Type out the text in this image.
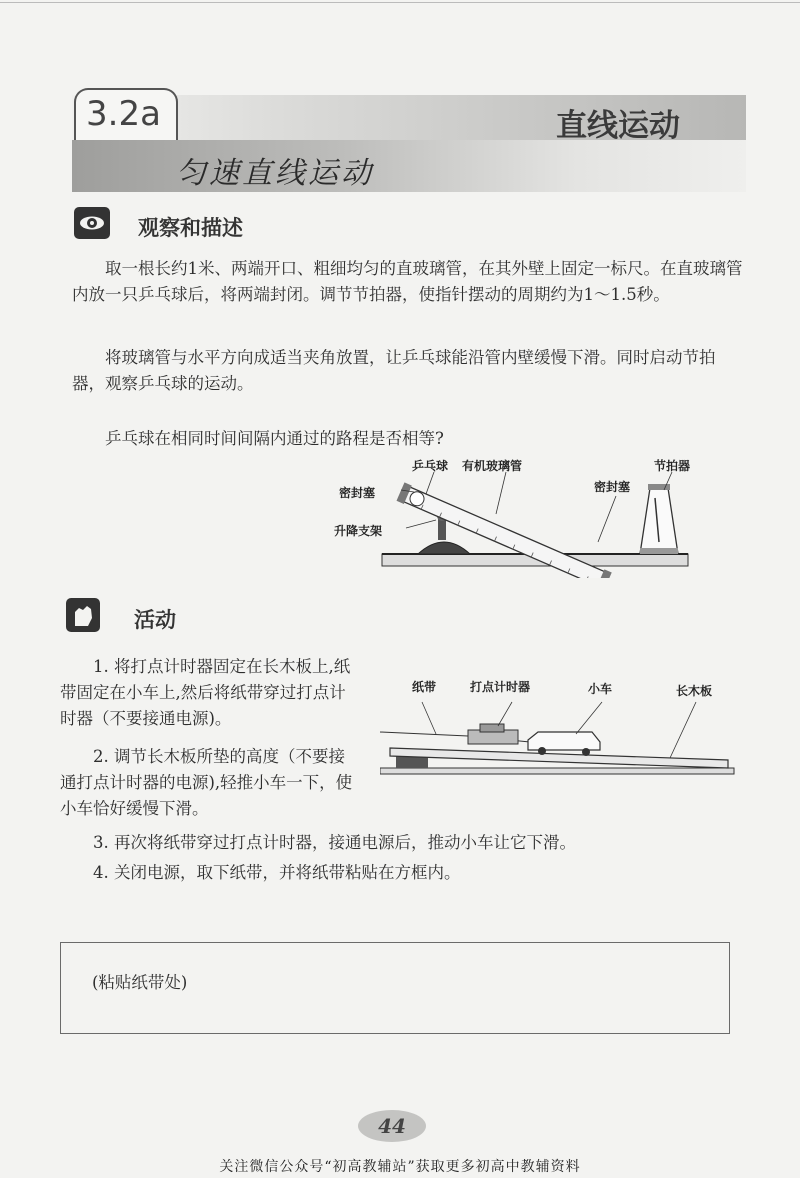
3.2a	直线运动
匀速直线运动
观察和描述
取一根长约1米、两端开口、粗细均匀的直玻璃管，在其外壁上固定一标尺。在直玻璃管内放一只乒乓球后，将两端封闭。调节节拍器，使指针摆动的周期约为1～1.5秒。
将玻璃管与水平方向成适当夹角放置，让乒乓球能沿管内壁缓慢下滑。同时启动节拍器，观察乒乓球的运动。
乒乓球在相同时间间隔内通过的路程是否相等?
乒乓球 有机玻璃管	节拍器
密封塞	密封塞
升降支架
活动
1. 将打点计时器固定在长木板上,纸带固定在小车上,然后将纸带穿过打点计时器（不要接通电源)。
2. 调节长木板所垫的高度（不要接通打点计时器的电源),轻推小车一下，使小车恰好缓慢下滑。
3. 再次将纸带穿过打点计时器，接通电源后，推动小车让它下滑。
4. 关闭电源，取下纸带，并将纸带粘贴在方框内。
纸带	打点计时器	小车	长木板
(粘贴纸带处)
44
关注微信公众号“初高教辅站”获取更多初高中教辅资料
